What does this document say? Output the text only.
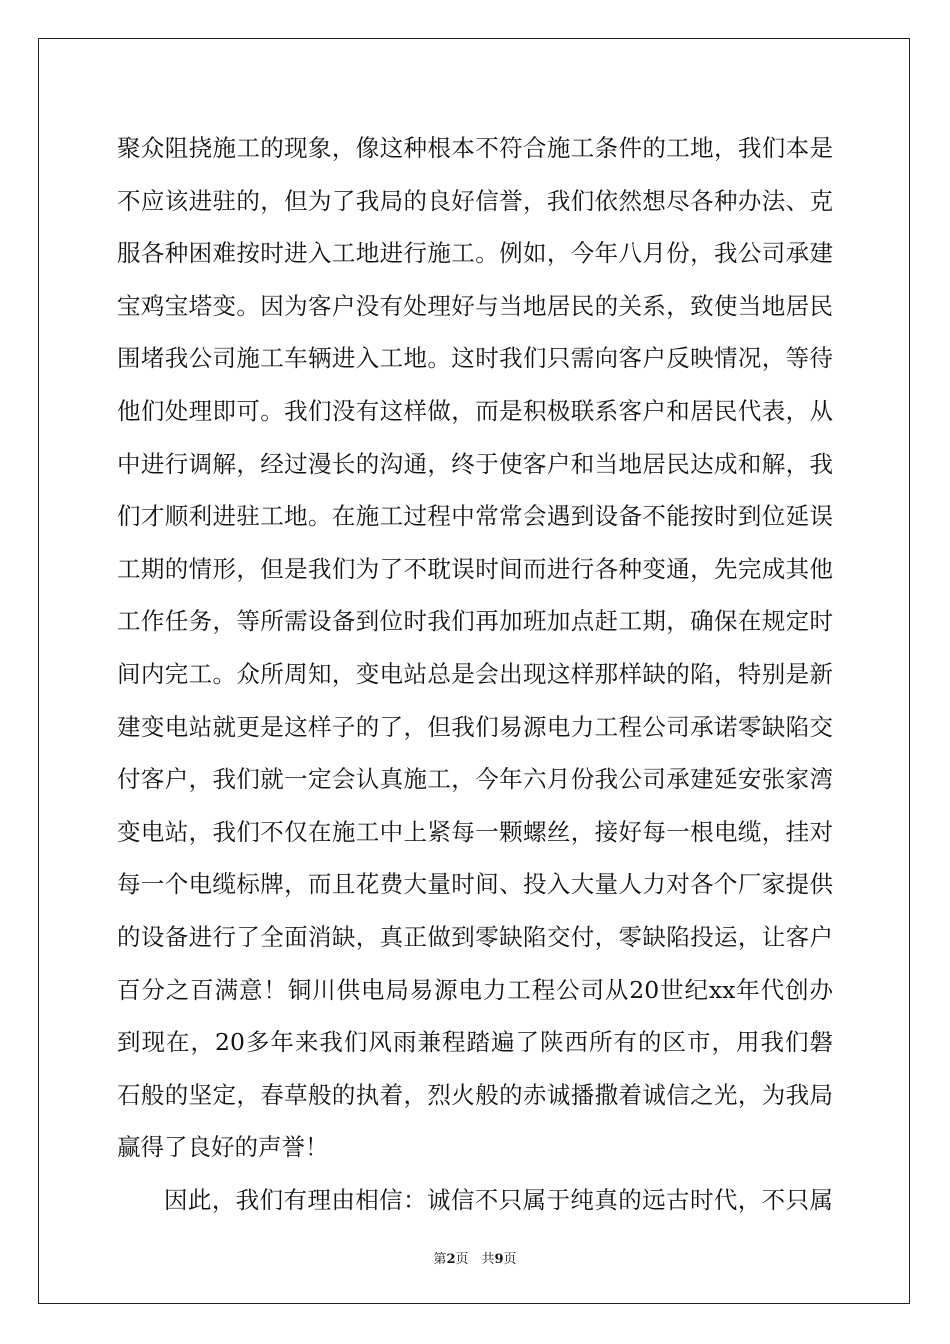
聚众阻挠施工的现象，像这种根本不符合施工条件的工地，我们本是
不应该进驻的，但为了我局的良好信誉，我们依然想尽各种办法、克
服各种困难按时进入工地进行施工。例如，今年八月份，我公司承建
宝鸡宝塔变。因为客户没有处理好与当地居民的关系，致使当地居民
围堵我公司施工车辆进入工地。这时我们只需向客户反映情况，等待
他们处理即可。我们没有这样做，而是积极联系客户和居民代表，从
中进行调解，经过漫长的沟通，终于使客户和当地居民达成和解，我
们才顺利进驻工地。在施工过程中常常会遇到设备不能按时到位延误
工期的情形，但是我们为了不耽误时间而进行各种变通，先完成其他
工作任务，等所需设备到位时我们再加班加点赶工期，确保在规定时
间内完工。众所周知，变电站总是会出现这样那样缺的陷，特别是新
建变电站就更是这样子的了，但我们易源电力工程公司承诺零缺陷交
付客户，我们就一定会认真施工，今年六月份我公司承建延安张家湾
变电站，我们不仅在施工中上紧每一颗螺丝，接好每一根电缆，挂对
每一个电缆标牌，而且花费大量时间、投入大量人力对各个厂家提供
的设备进行了全面消缺，真正做到零缺陷交付，零缺陷投运，让客户
百分之百满意！铜川供电局易源电力工程公司从20世纪xx年代创办
到现在，20多年来我们风雨兼程踏遍了陕西所有的区市，用我们磐
石般的坚定，春草般的执着，烈火般的赤诚播撒着诚信之光，为我局
赢得了良好的声誉！
因此，我们有理由相信：诚信不只属于纯真的远古时代，不只属
第2页　共9页
